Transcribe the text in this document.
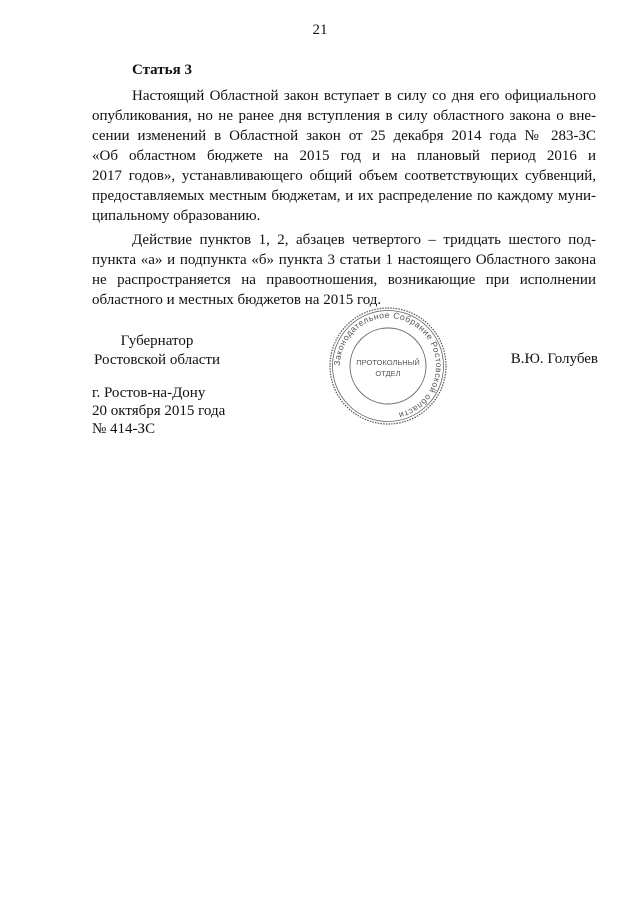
21
Статья 3
Настоящий Областной закон вступает в силу со дня его официального
опубликования, но не ранее дня вступления в силу областного закона о вне-
сении изменений в Областной закон от 25 декабря 2014 года № 283-ЗС
«Об областном бюджете на 2015 год и на плановый период 2016 и
2017 годов», устанавливающего общий объем соответствующих субвенций,
предоставляемых местным бюджетам, и их распределение по каждому муни-
ципальному образованию.
Действие пунктов 1, 2, абзацев четвертого – тридцать шестого под-
пункта «а» и подпункта «б» пункта 3 статьи 1 настоящего Областного закона
не распространяется на правоотношения, возникающие при исполнении
областного и местных бюджетов на 2015 год.
Губернатор
Ростовской области	В.Ю. Голубев
г. Ростов-на-Дону
20 октября 2015 года
№ 414-ЗС
Законодательное Собрание Ростовской области
ПРОТОКОЛЬНЫЙ
ОТДЕЛ
